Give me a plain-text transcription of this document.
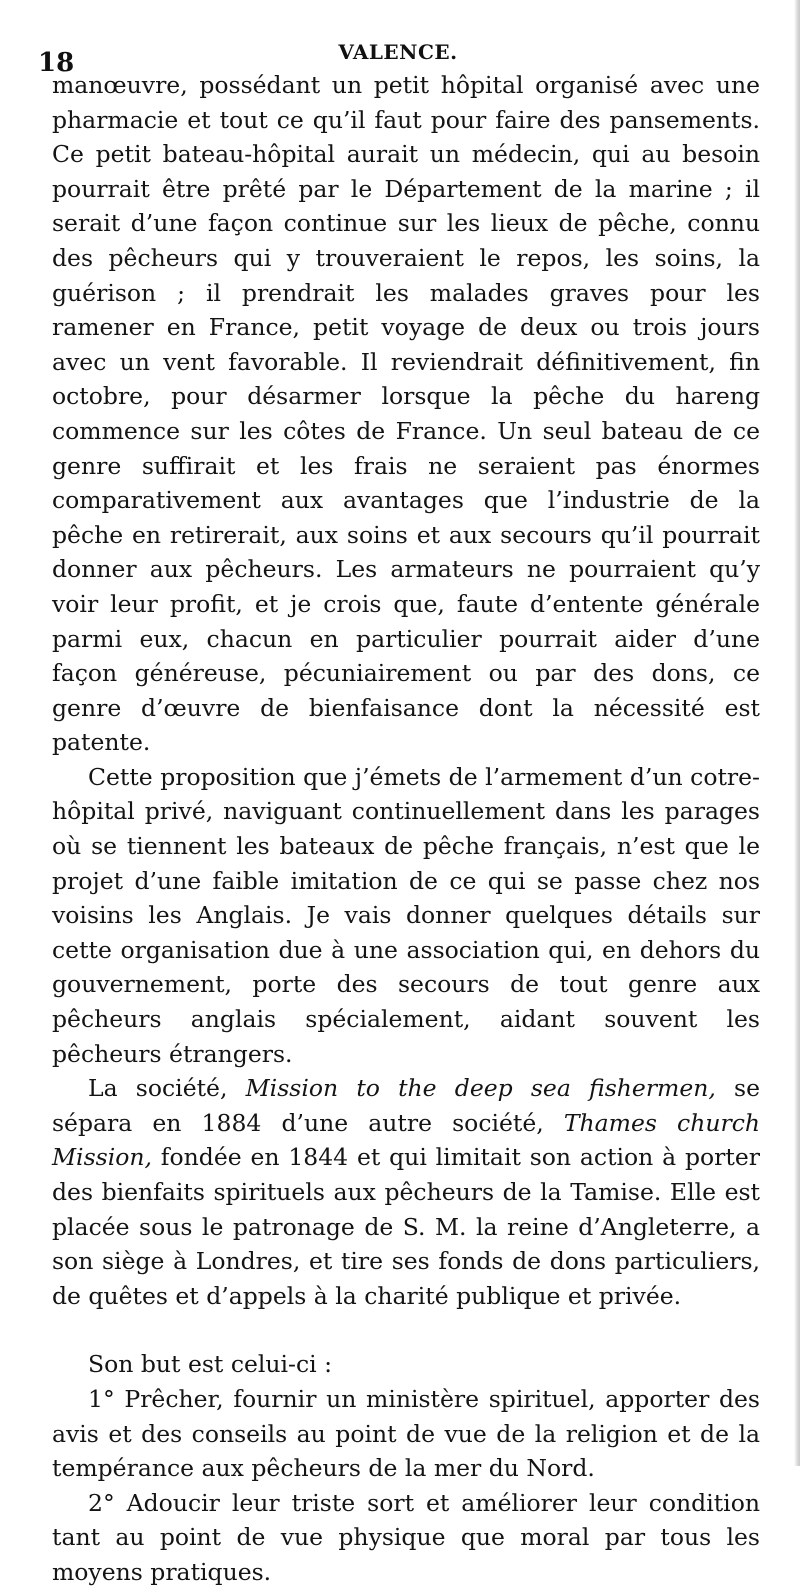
18	VALENCE.

manœuvre, possédant un petit hôpital organisé avec une pharmacie et tout ce qu’il faut pour faire des pansements. Ce petit bateau-hôpital aurait un médecin, qui au besoin pourrait être prêté par le Département de la marine ; il serait d’une façon continue sur les lieux de pêche, connu des pêcheurs qui y trouveraient le repos, les soins, la guérison ; il prendrait les malades graves pour les ramener en France, petit voyage de deux ou trois jours avec un vent favorable. Il reviendrait définitivement, fin octobre, pour désarmer lorsque la pêche du hareng commence sur les côtes de France. Un seul bateau de ce genre suffirait et les frais ne seraient pas énormes comparativement aux avantages que l’industrie de la pêche en retirerait, aux soins et aux secours qu’il pourrait donner aux pêcheurs. Les armateurs ne pourraient qu’y voir leur profit, et je crois que, faute d’entente générale parmi eux, chacun en particulier pourrait aider d’une façon généreuse, pécuniairement ou par des dons, ce genre d’œuvre de bienfaisance dont la nécessité est patente.

Cette proposition que j’émets de l’armement d’un cotre-hôpital privé, naviguant continuellement dans les parages où se tiennent les bateaux de pêche français, n’est que le projet d’une faible imitation de ce qui se passe chez nos voisins les Anglais. Je vais donner quelques détails sur cette organisation due à une association qui, en dehors du gouvernement, porte des secours de tout genre aux pêcheurs anglais spécialement, aidant souvent les pêcheurs étrangers.

La société, Mission to the deep sea fishermen, se sépara en 1884 d’une autre société, Thames church Mission, fondée en 1844 et qui limitait son action à porter des bienfaits spirituels aux pêcheurs de la Tamise. Elle est placée sous le patronage de S. M. la reine d’Angleterre, a son siège à Londres, et tire ses fonds de dons particuliers, de quêtes et d’appels à la charité publique et privée.

Son but est celui-ci :

1° Prêcher, fournir un ministère spirituel, apporter des avis et des conseils au point de vue de la religion et de la tempérance aux pêcheurs de la mer du Nord.

2° Adoucir leur triste sort et améliorer leur condition tant au point de vue physique que moral par tous les moyens pratiques.
